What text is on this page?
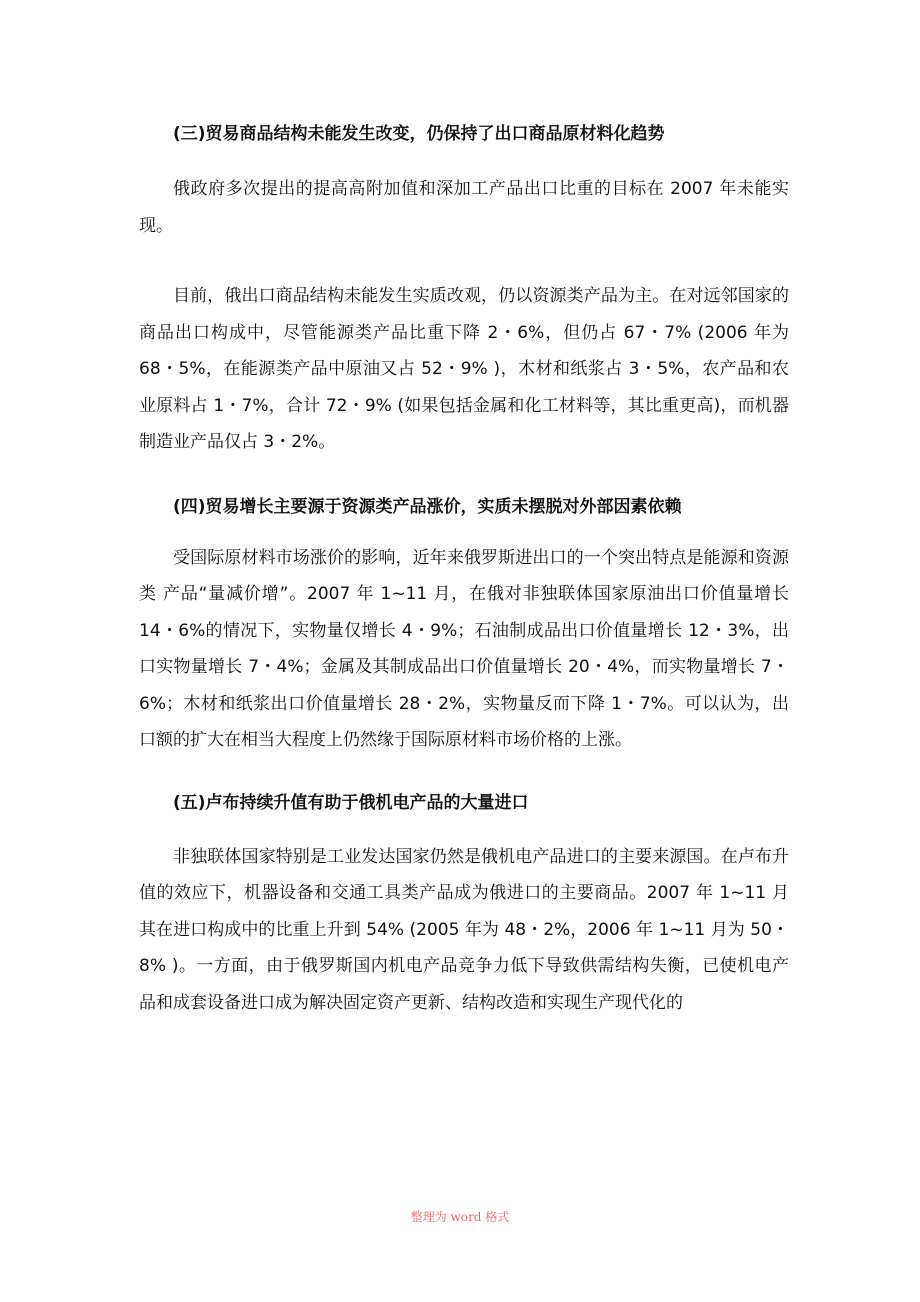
(三)贸易商品结构未能发生改变，仍保持了出口商品原材料化趋势

俄政府多次提出的提高高附加值和深加工产品出口比重的目标在 2007 年未能实现。

目前，俄出口商品结构未能发生实质改观，仍以资源类产品为主。在对远邻国家的商品出口构成中，尽管能源类产品比重下降 2・6%，但仍占 67・7% (2006 年为 68・5%，在能源类产品中原油又占 52・9% )，木材和纸浆占 3・5%，农产品和农业原料占 1・7%，合计 72・9% (如果包括金属和化工材料等，其比重更高)，而机器制造业产品仅占 3・2%。

(四)贸易增长主要源于资源类产品涨价，实质未摆脱对外部因素依赖

受国际原材料市场涨价的影响，近年来俄罗斯进出口的一个突出特点是能源和资源类 产品“量减价增”。2007 年 1~11 月，在俄对非独联体国家原油出口价值量增长 14・6%的情况下，实物量仅增长 4・9%；石油制成品出口价值量增长 12・3%，出口实物量增长 7・4%；金属及其制成品出口价值量增长 20・4%，而实物量增长 7・6%；木材和纸浆出口价值量增长 28・2%，实物量反而下降 1・7%。可以认为，出口额的扩大在相当大程度上仍然缘于国际原材料市场价格的上涨。

(五)卢布持续升值有助于俄机电产品的大量进口

非独联体国家特别是工业发达国家仍然是俄机电产品进口的主要来源国。在卢布升值的效应下，机器设备和交通工具类产品成为俄进口的主要商品。2007 年 1~11 月其在进口构成中的比重上升到 54% (2005 年为 48・2%，2006 年 1~11 月为 50・8% )。一方面，由于俄罗斯国内机电产品竞争力低下导致供需结构失衡，已使机电产品和成套设备进口成为解决固定资产更新、结构改造和实现生产现代化的

整理为 word 格式
